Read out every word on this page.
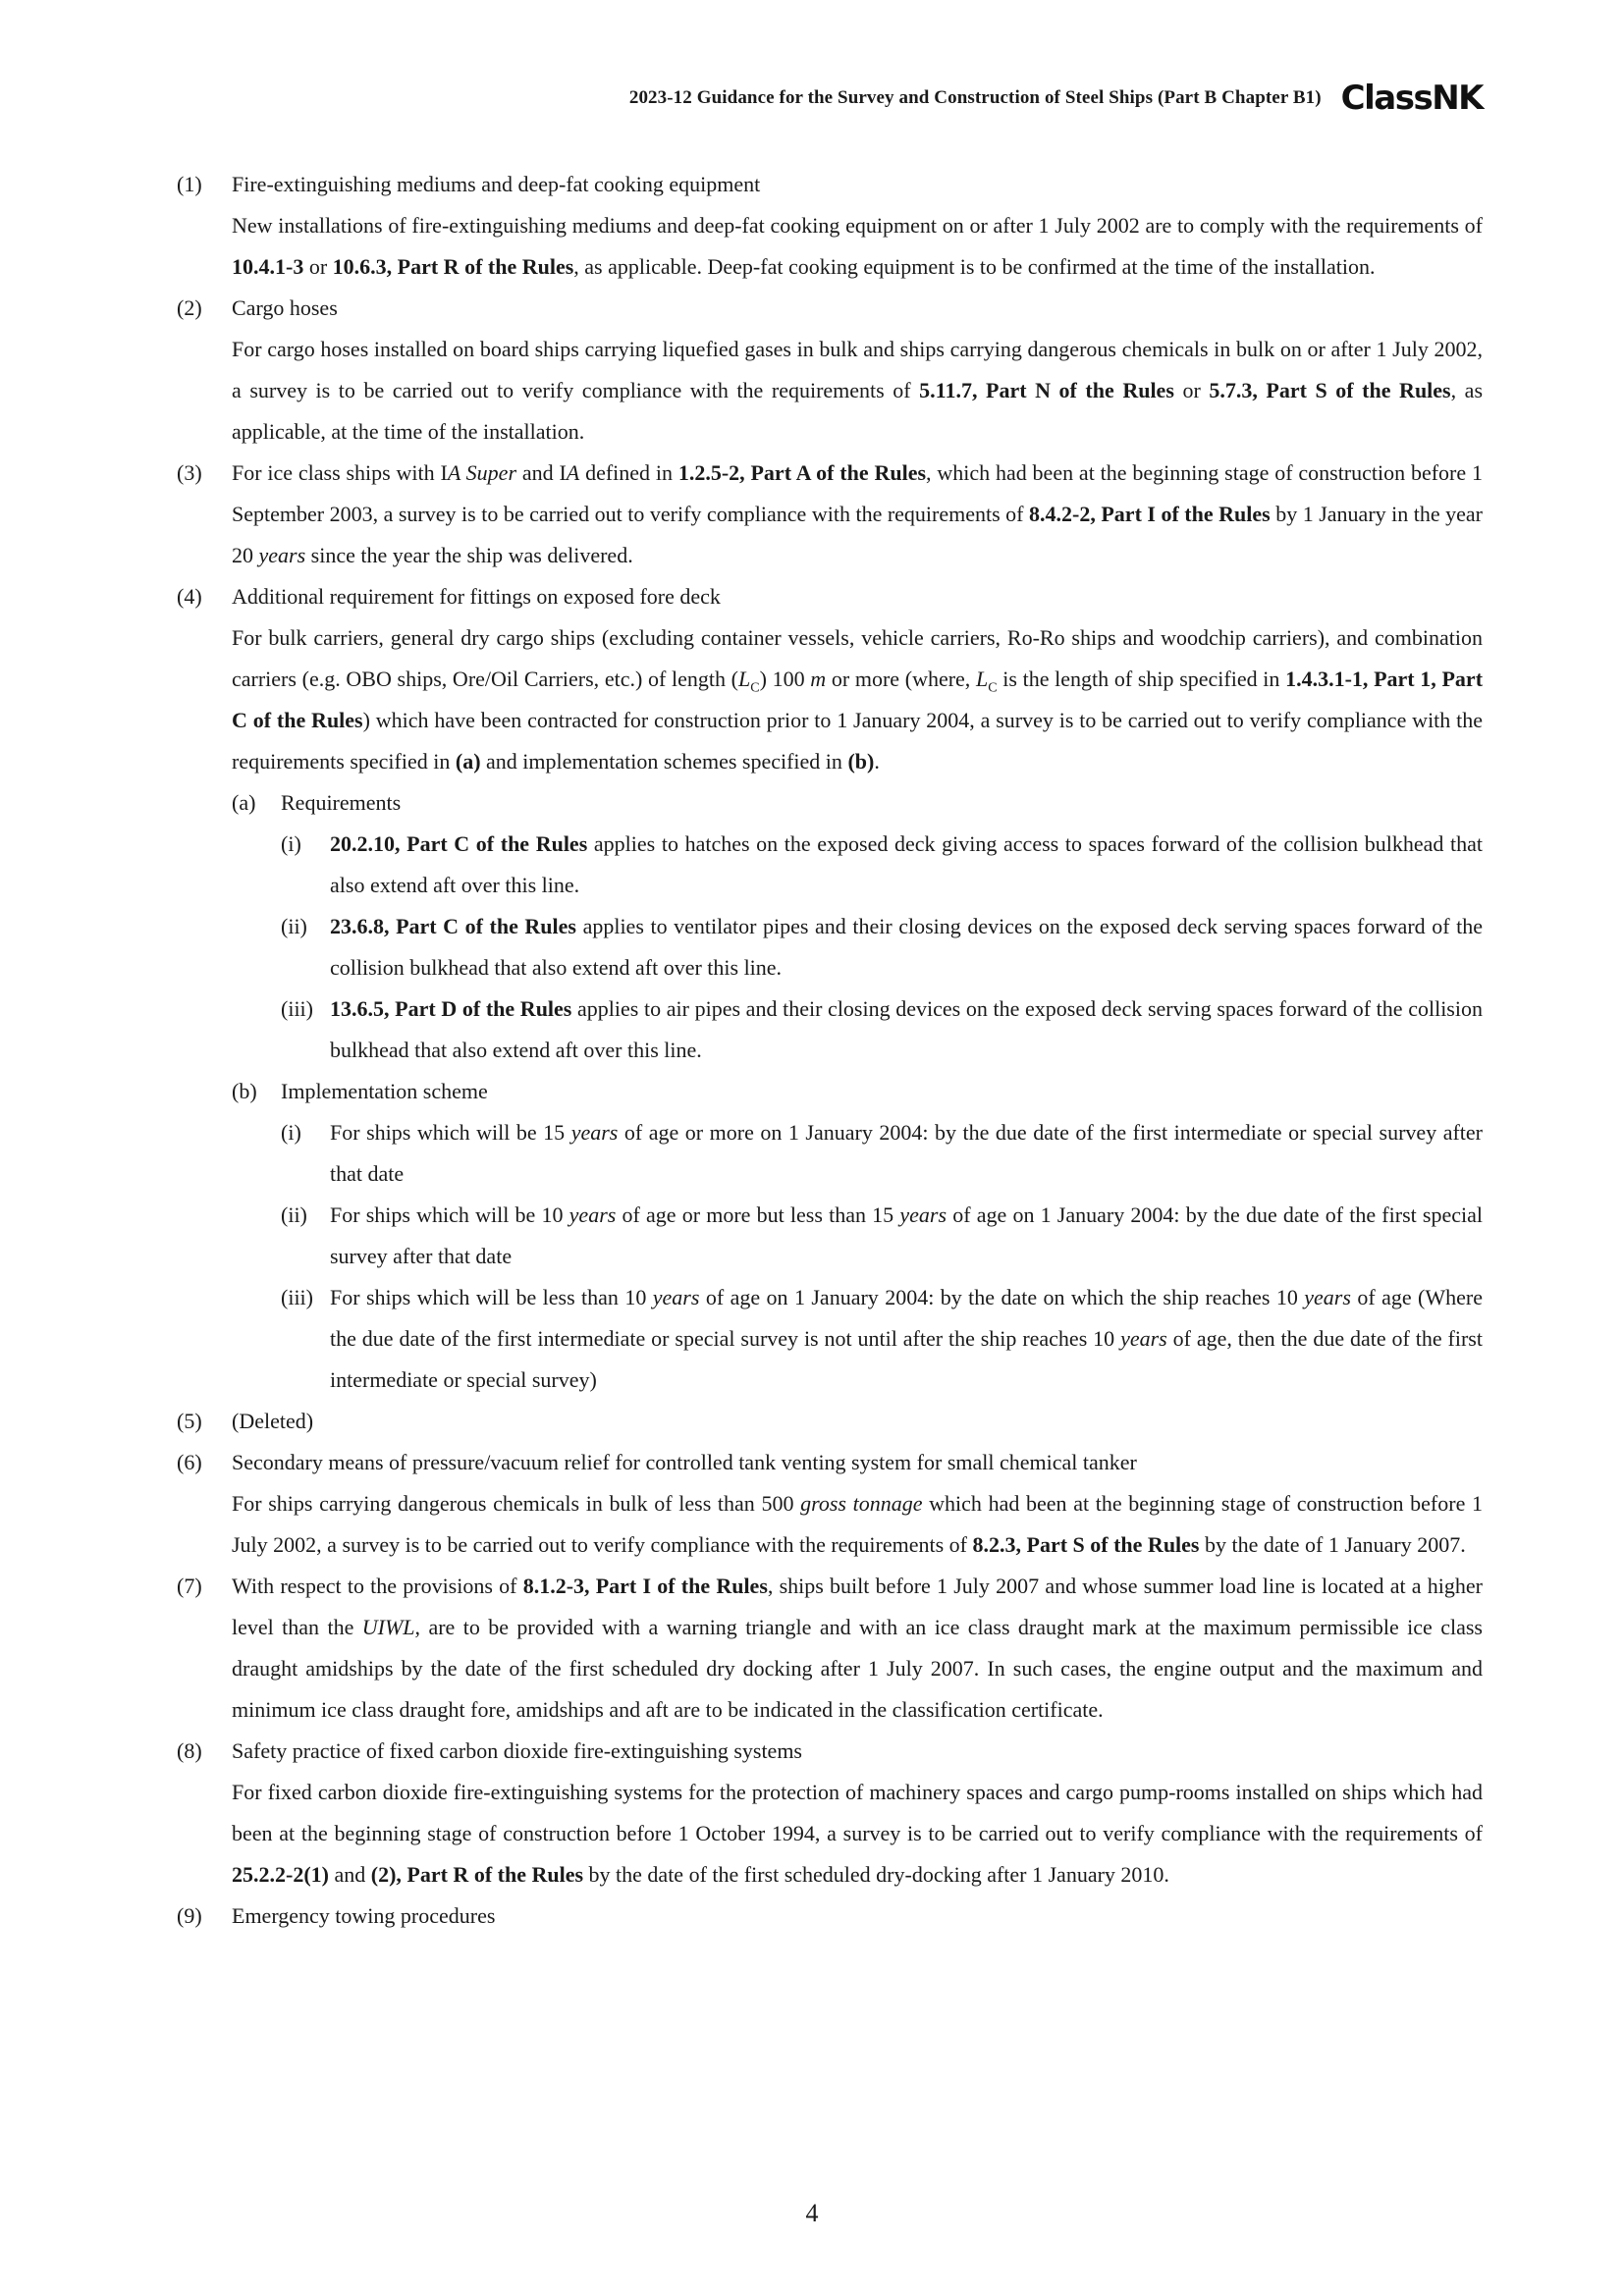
2023-12 Guidance for the Survey and Construction of Steel Ships (Part B Chapter B1) ClassNK
(1) Fire-extinguishing mediums and deep-fat cooking equipment
New installations of fire-extinguishing mediums and deep-fat cooking equipment on or after 1 July 2002 are to comply with the requirements of 10.4.1-3 or 10.6.3, Part R of the Rules, as applicable. Deep-fat cooking equipment is to be confirmed at the time of the installation.
(2) Cargo hoses
For cargo hoses installed on board ships carrying liquefied gases in bulk and ships carrying dangerous chemicals in bulk on or after 1 July 2002, a survey is to be carried out to verify compliance with the requirements of 5.11.7, Part N of the Rules or 5.7.3, Part S of the Rules, as applicable, at the time of the installation.
(3) For ice class ships with IA Super and IA defined in 1.2.5-2, Part A of the Rules, which had been at the beginning stage of construction before 1 September 2003, a survey is to be carried out to verify compliance with the requirements of 8.4.2-2, Part I of the Rules by 1 January in the year 20 years since the year the ship was delivered.
(4) Additional requirement for fittings on exposed fore deck
For bulk carriers, general dry cargo ships (excluding container vessels, vehicle carriers, Ro-Ro ships and woodchip carriers), and combination carriers (e.g. OBO ships, Ore/Oil Carriers, etc.) of length $(L_C)$ 100 m or more (where, $L_C$ is the length of ship specified in 1.4.3.1-1, Part 1, Part C of the Rules) which have been contracted for construction prior to 1 January 2004, a survey is to be carried out to verify compliance with the requirements specified in (a) and implementation schemes specified in (b).
(a) Requirements
(i) 20.2.10, Part C of the Rules applies to hatches on the exposed deck giving access to spaces forward of the collision bulkhead that also extend aft over this line.
(ii) 23.6.8, Part C of the Rules applies to ventilator pipes and their closing devices on the exposed deck serving spaces forward of the collision bulkhead that also extend aft over this line.
(iii) 13.6.5, Part D of the Rules applies to air pipes and their closing devices on the exposed deck serving spaces forward of the collision bulkhead that also extend aft over this line.
(b) Implementation scheme
(i) For ships which will be 15 years of age or more on 1 January 2004: by the due date of the first intermediate or special survey after that date
(ii) For ships which will be 10 years of age or more but less than 15 years of age on 1 January 2004: by the due date of the first special survey after that date
(iii) For ships which will be less than 10 years of age on 1 January 2004: by the date on which the ship reaches 10 years of age (Where the due date of the first intermediate or special survey is not until after the ship reaches 10 years of age, then the due date of the first intermediate or special survey)
(5) (Deleted)
(6) Secondary means of pressure/vacuum relief for controlled tank venting system for small chemical tanker
For ships carrying dangerous chemicals in bulk of less than 500 gross tonnage which had been at the beginning stage of construction before 1 July 2002, a survey is to be carried out to verify compliance with the requirements of 8.2.3, Part S of the Rules by the date of 1 January 2007.
(7) With respect to the provisions of 8.1.2-3, Part I of the Rules, ships built before 1 July 2007 and whose summer load line is located at a higher level than the UIWL, are to be provided with a warning triangle and with an ice class draught mark at the maximum permissible ice class draught amidships by the date of the first scheduled dry docking after 1 July 2007. In such cases, the engine output and the maximum and minimum ice class draught fore, amidships and aft are to be indicated in the classification certificate.
(8) Safety practice of fixed carbon dioxide fire-extinguishing systems
For fixed carbon dioxide fire-extinguishing systems for the protection of machinery spaces and cargo pump-rooms installed on ships which had been at the beginning stage of construction before 1 October 1994, a survey is to be carried out to verify compliance with the requirements of 25.2.2-2(1) and (2), Part R of the Rules by the date of the first scheduled dry-docking after 1 January 2010.
(9) Emergency towing procedures
4
